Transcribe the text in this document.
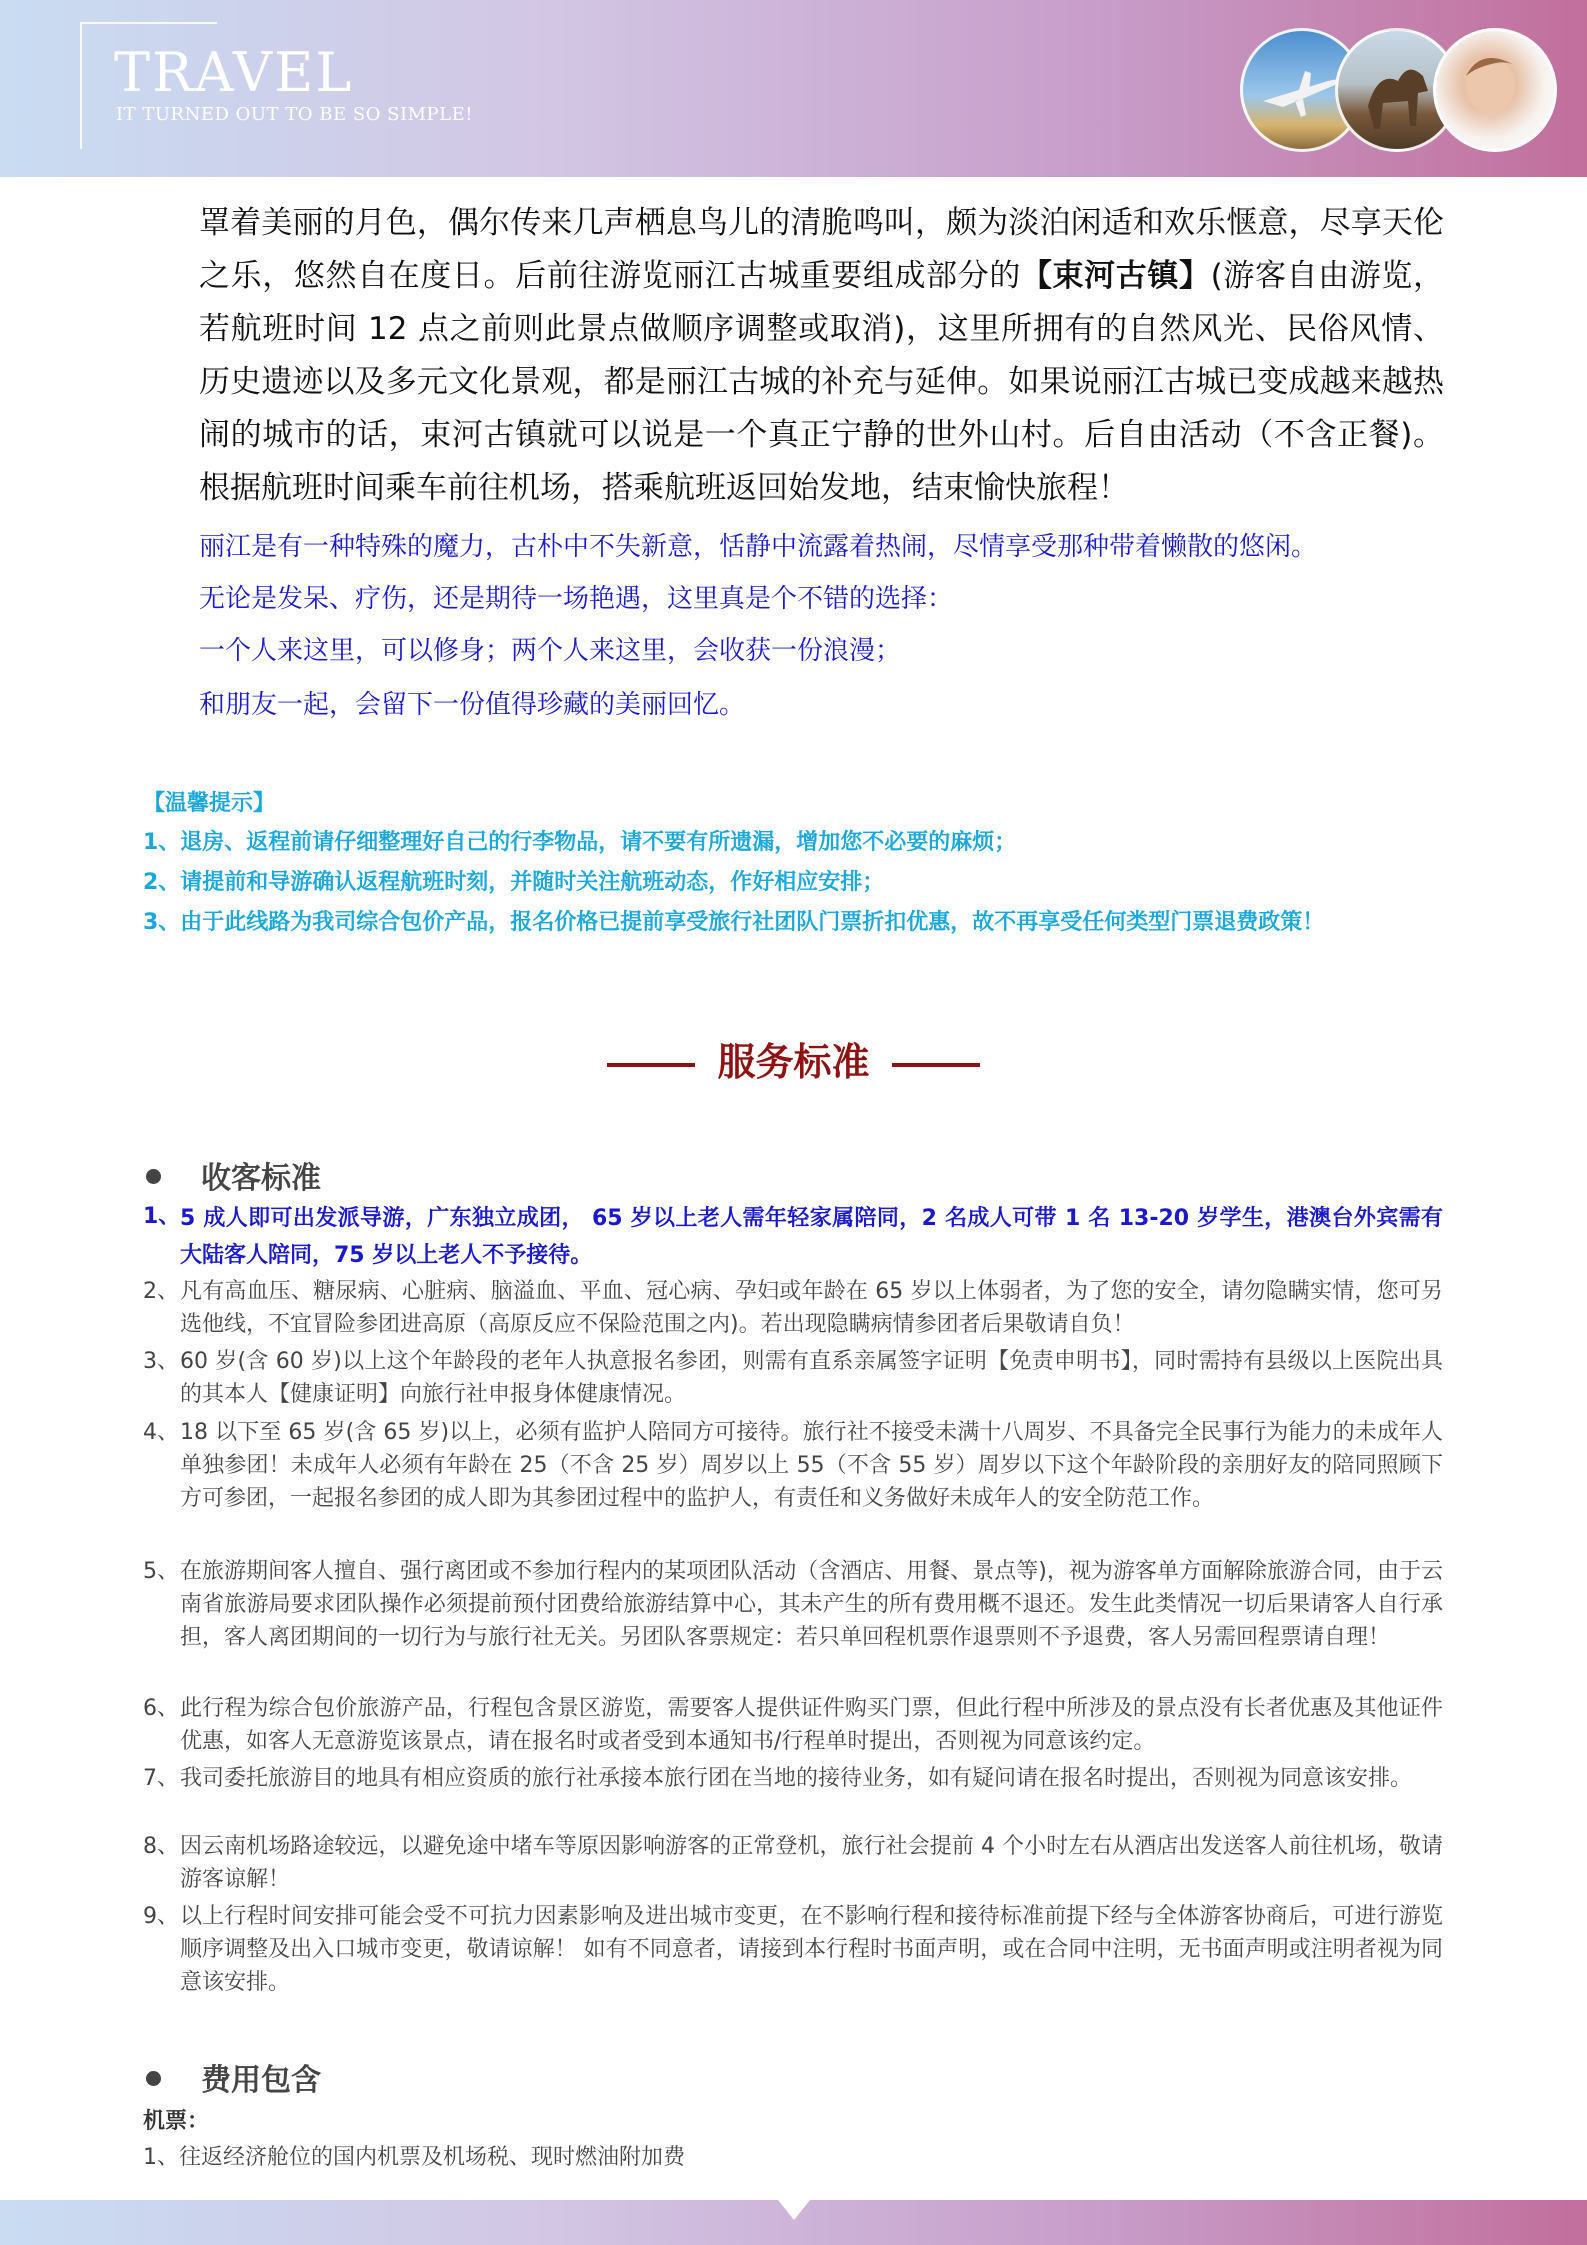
TRAVEL
IT TURNED OUT TO BE SO SIMPLE!

罩着美丽的月色，偶尔传来几声栖息鸟儿的清脆鸣叫，颇为淡泊闲适和欢乐惬意，尽享天伦之乐，悠然自在度日。后前往游览丽江古城重要组成部分的【束河古镇】(游客自由游览，若航班时间 12 点之前则此景点做顺序调整或取消)，这里所拥有的自然风光、民俗风情、历史遗迹以及多元文化景观，都是丽江古城的补充与延伸。如果说丽江古城已变成越来越热闹的城市的话，束河古镇就可以说是一个真正宁静的世外山村。后自由活动（不含正餐)。根据航班时间乘车前往机场，搭乘航班返回始发地，结束愉快旅程！

丽江是有一种特殊的魔力，古朴中不失新意，恬静中流露着热闹，尽情享受那种带着懒散的悠闲。

无论是发呆、疗伤，还是期待一场艳遇，这里真是个不错的选择：

一个人来这里，可以修身；两个人来这里，会收获一份浪漫；

和朋友一起，会留下一份值得珍藏的美丽回忆。

【温馨提示】

1、退房、返程前请仔细整理好自己的行李物品，请不要有所遗漏，增加您不必要的麻烦；

2、请提前和导游确认返程航班时刻，并随时关注航班动态，作好相应安排；

3、由于此线路为我司综合包价产品，报名价格已提前享受旅行社团队门票折扣优惠，故不再享受任何类型门票退费政策！

服务标准
收客标准
1、 5 成人即可出发派导游，广东独立成团， 65 岁以上老人需年轻家属陪同，2 名成人可带 1 名 13-20 岁学生，港澳台外宾需有大陆客人陪同，75 岁以上老人不予接待。
2、 凡有高血压、糖尿病、心脏病、脑溢血、平血、冠心病、孕妇或年龄在 65 岁以上体弱者，为了您的安全，请勿隐瞒实情，您可另选他线，不宜冒险参团进高原（高原反应不保险范围之内)。若出现隐瞒病情参团者后果敬请自负！
3、 60 岁(含 60 岁)以上这个年龄段的老年人执意报名参团，则需有直系亲属签字证明【免责申明书】，同时需持有县级以上医院出具的其本人【健康证明】向旅行社申报身体健康情况。
4、 18 以下至 65 岁(含 65 岁)以上，必须有监护人陪同方可接待。旅行社不接受未满十八周岁、不具备完全民事行为能力的未成年人单独参团！未成年人必须有年龄在 25（不含 25 岁）周岁以上 55（不含 55 岁）周岁以下这个年龄阶段的亲朋好友的陪同照顾下方可参团，一起报名参团的成人即为其参团过程中的监护人，有责任和义务做好未成年人的安全防范工作。
5、 在旅游期间客人擅自、强行离团或不参加行程内的某项团队活动（含酒店、用餐、景点等)，视为游客单方面解除旅游合同，由于云南省旅游局要求团队操作必须提前预付团费给旅游结算中心，其未产生的所有费用概不退还。发生此类情况一切后果请客人自行承担，客人离团期间的一切行为与旅行社无关。另团队客票规定：若只单回程机票作退票则不予退费，客人另需回程票请自理！
6、 此行程为综合包价旅游产品，行程包含景区游览，需要客人提供证件购买门票，但此行程中所涉及的景点没有长者优惠及其他证件优惠，如客人无意游览该景点，请在报名时或者受到本通知书/行程单时提出，否则视为同意该约定。
7、 我司委托旅游目的地具有相应资质的旅行社承接本旅行团在当地的接待业务，如有疑问请在报名时提出，否则视为同意该安排。
8、 因云南机场路途较远，以避免途中堵车等原因影响游客的正常登机，旅行社会提前 4 个小时左右从酒店出发送客人前往机场，敬请游客谅解！
9、 以上行程时间安排可能会受不可抗力因素影响及进出城市变更，在不影响行程和接待标准前提下经与全体游客协商后，可进行游览顺序调整及出入口城市变更，敬请谅解！ 如有不同意者，请接到本行程时书面声明，或在合同中注明，无书面声明或注明者视为同意该安排。
费用包含
机票：
1、往返经济舱位的国内机票及机场税、现时燃油附加费
